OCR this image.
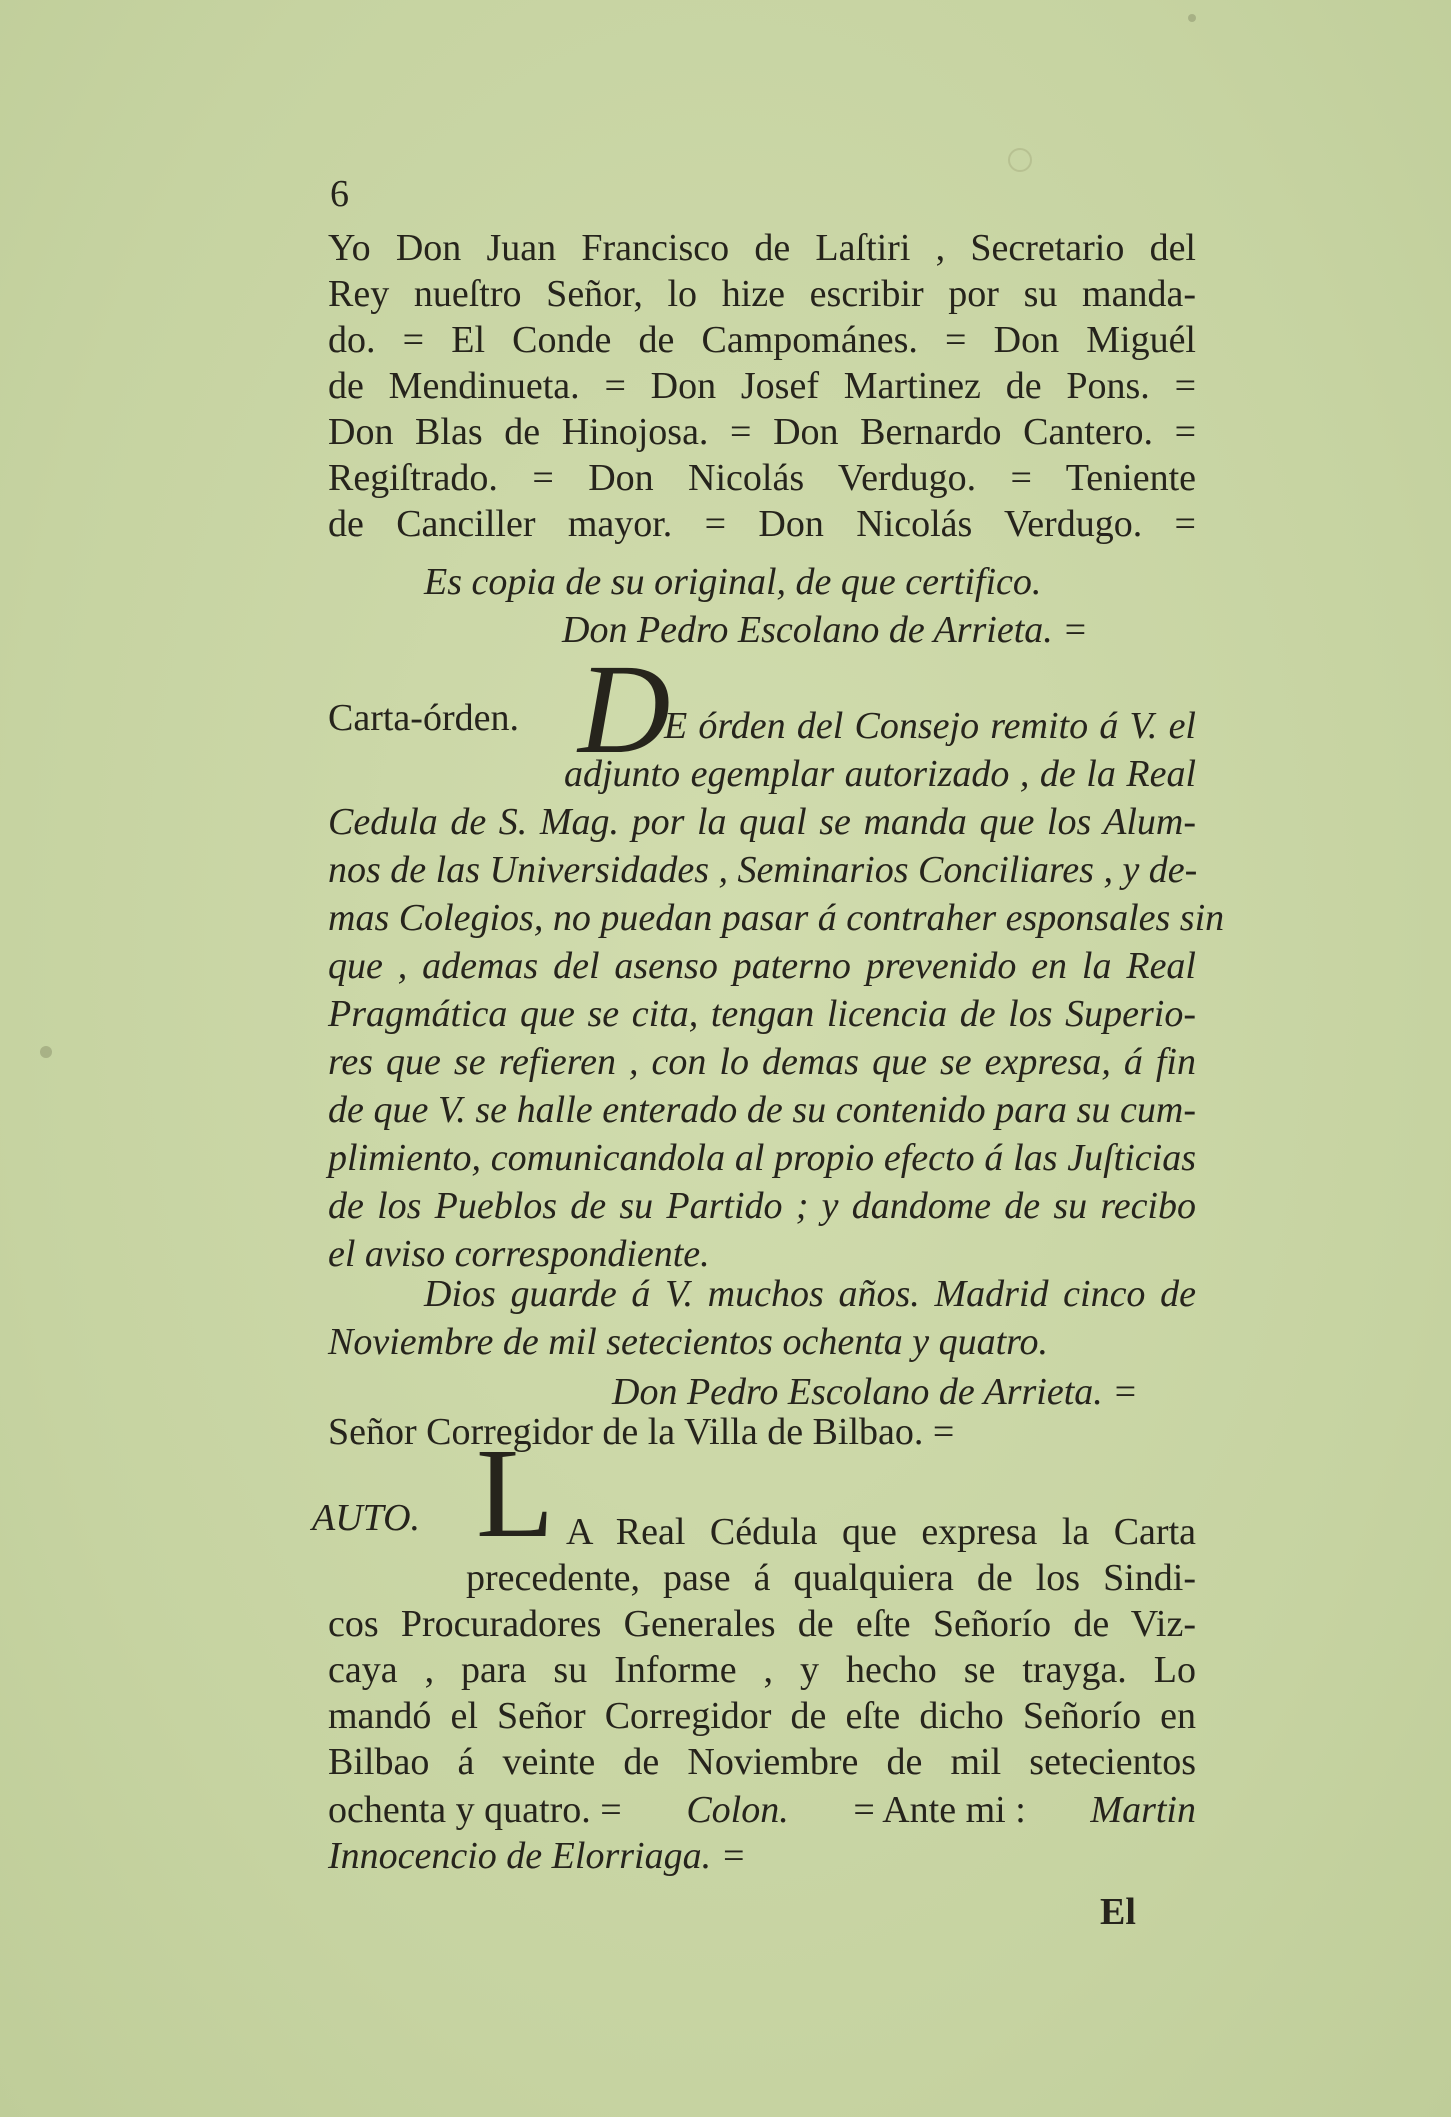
6
Yo Don Juan Francisco de Laſtiri , Secretario del
Rey nueſtro Señor, lo hize escribir por su manda-
do. = El Conde de Campománes. = Don Miguél
de Mendinueta. = Don Josef Martinez de Pons. =
Don Blas de Hinojosa. = Don Bernardo Cantero. =
Regiſtrado. = Don Nicolás Verdugo. = Teniente
de Canciller mayor. = Don Nicolás Verdugo. =
Es copia de su original, de que certifico.
Don Pedro Escolano de Arrieta. =
Carta-órden. D
E órden del Consejo remito á V. el
adjunto egemplar autorizado , de la Real
Cedula de S. Mag. por la qual se manda que los Alum-
nos de las Universidades , Seminarios Conciliares , y de-
mas Colegios, no puedan pasar á contraher esponsales sin
que , ademas del asenso paterno prevenido en la Real
Pragmática que se cita, tengan licencia de los Superio-
res que se refieren , con lo demas que se expresa, á fin
de que V. se halle enterado de su contenido para su cum-
plimiento, comunicandola al propio efecto á las Juſticias
de los Pueblos de su Partido ; y dandome de su recibo
el aviso correspondiente.
Dios guarde á V. muchos años. Madrid cinco de
Noviembre de mil setecientos ochenta y quatro.
Don Pedro Escolano de Arrieta. =
Señor Corregidor de la Villa de Bilbao. =
AUTO. L A Real Cédula que expresa la Carta
precedente, pase á qualquiera de los Sindi-
cos Procuradores Generales de eſte Señorío de Viz-
caya , para su Informe , y hecho se trayga. Lo
mandó el Señor Corregidor de eſte dicho Señorío en
Bilbao á veinte de Noviembre de mil setecientos
ochenta y quatro. = Colon. = Ante mi : Martin
Innocencio de Elorriaga. =
El
